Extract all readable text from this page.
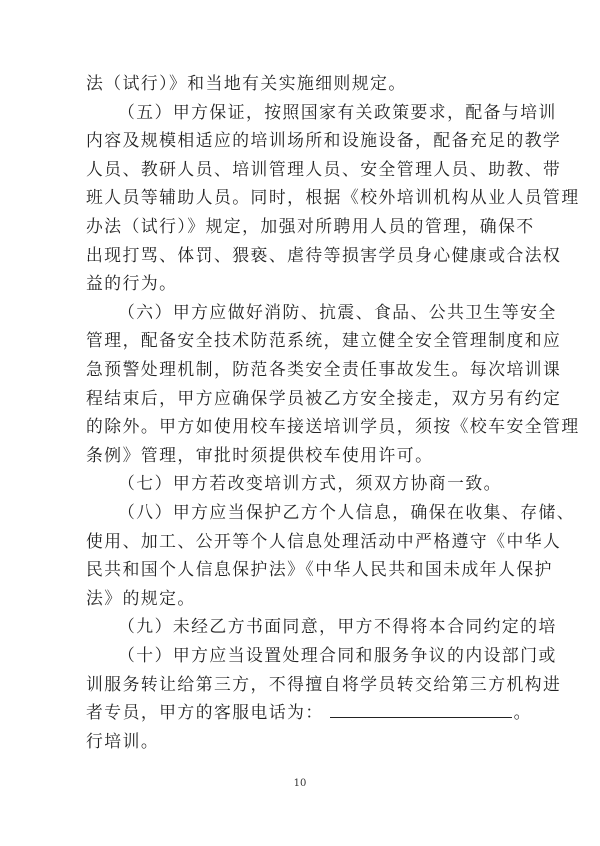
法（试行）》和当地有关实施细则规定。
（五）甲方保证，按照国家有关政策要求，配备与培训
内容及规模相适应的培训场所和设施设备，配备充足的教学
人员、教研人员、培训管理人员、安全管理人员、助教、带
班人员等辅助人员。同时，根据《校外培训机构从业人员管理
办法（试行）》规定，加强对所聘用人员的管理，确保不
出现打骂、体罚、猥亵、虐待等损害学员身心健康或合法权
益的行为。
（六）甲方应做好消防、抗震、食品、公共卫生等安全
管理，配备安全技术防范系统，建立健全安全管理制度和应
急预警处理机制，防范各类安全责任事故发生。每次培训课
程结束后，甲方应确保学员被乙方安全接走，双方另有约定
的除外。甲方如使用校车接送培训学员，须按《校车安全管理
条例》管理，审批时须提供校车使用许可。
（七）甲方若改变培训方式，须双方协商一致。
（八）甲方应当保护乙方个人信息，确保在收集、存储、
使用、加工、公开等个人信息处理活动中严格遵守《中华人
民共和国个人信息保护法》《中华人民共和国未成年人保护
法》的规定。
（九）未经乙方书面同意，甲方不得将本合同约定的培
训服务转让给第三方，不得擅自将学员转交给第三方机构进
行培训。
10
（十）甲方应当设置处理合同和服务争议的内设部门或
者专员，甲方的客服电话为：	。
